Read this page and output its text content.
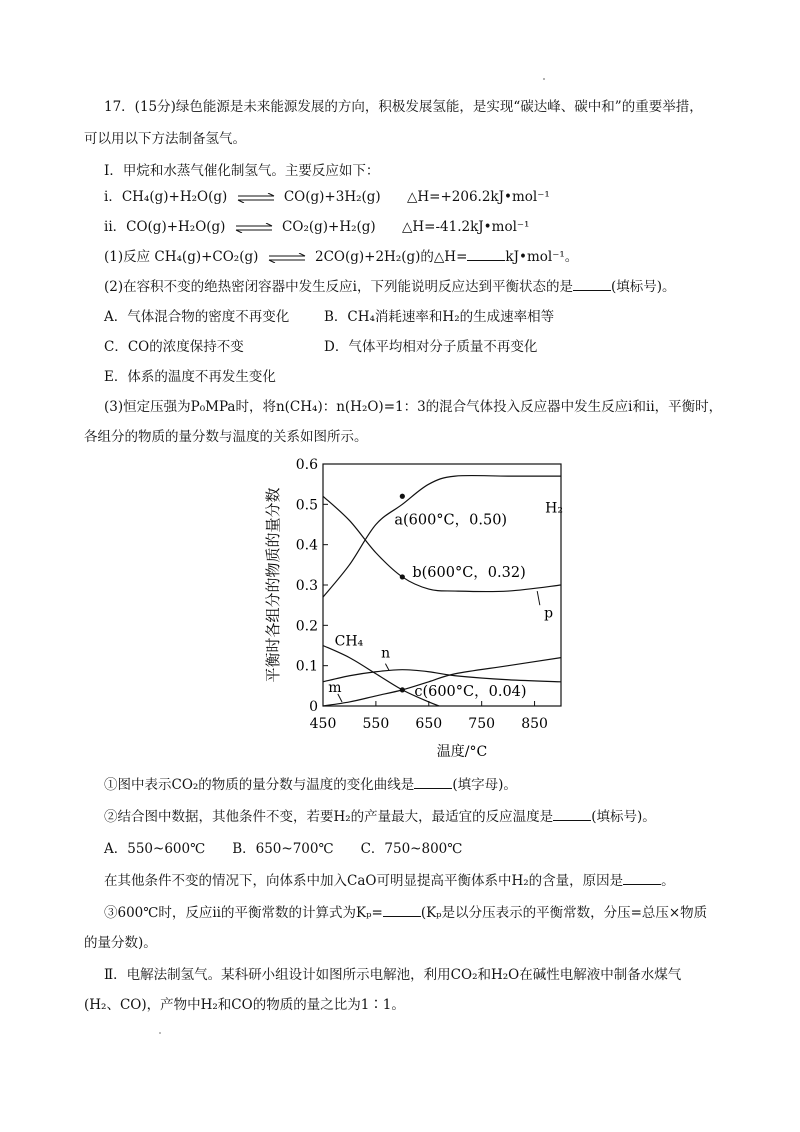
17．(15分)绿色能源是未来能源发展的方向，积极发展氢能，是实现“碳达峰、碳中和”的重要举措，
可以用以下方法制备氢气。
I．甲烷和水蒸气催化制氢气。主要反应如下：
i．CH₄(g)+H₂O(g) ⇌ CO(g)+3H₂(g) △H=+206.2kJ•mol⁻¹
ii．CO(g)+H₂O(g) ⇌ CO₂(g)+H₂(g) △H=-41.2kJ•mol⁻¹
(1)反应 CH₄(g)+CO₂(g) ⇌ 2CO(g)+2H₂(g)的△H=	kJ•mol⁻¹。
(2)在容积不变的绝热密闭容器中发生反应i，下列能说明反应达到平衡状态的是	(填标号)。
A．气体混合物的密度不再变化	B．CH₄消耗速率和H₂的生成速率相等
C．CO的浓度保持不变	D．气体平均相对分子质量不再变化
E．体系的温度不再发生变化
(3)恒定压强为P₀MPa时，将n(CH₄)：n(H₂O)=1：3的混合气体投入反应器中发生反应i和ii，平衡时，
各组分的物质的量分数与温度的关系如图所示。
0
0.1
0.2
0.3
0.4
0.5
0.6
450 550 650 750 850
温度/°C
平衡时各组分的物质的量分数	a(600°C，0.50)
b(600°C，0.32)
c(600°C，0.04)
H₂
p
CH₄
n
m
①图中表示CO₂的物质的量分数与温度的变化曲线是	(填字母)。
②结合图中数据，其他条件不变，若要H₂的产量最大，最适宜的反应温度是	(填标号)。
A．550~600℃　　B．650~700℃　　C．750~800℃
在其他条件不变的情况下，向体系中加入CaO可明显提高平衡体系中H₂的含量，原因是	。
③600℃时，反应ii的平衡常数的计算式为Kₚ=	(Kₚ是以分压表示的平衡常数，分压=总压×物质
的量分数)。
Ⅱ．电解法制氢气。某科研小组设计如图所示电解池，利用CO₂和H₂O在碱性电解液中制备水煤气
(H₂、CO)，产物中H₂和CO的物质的量之比为1∶1。
